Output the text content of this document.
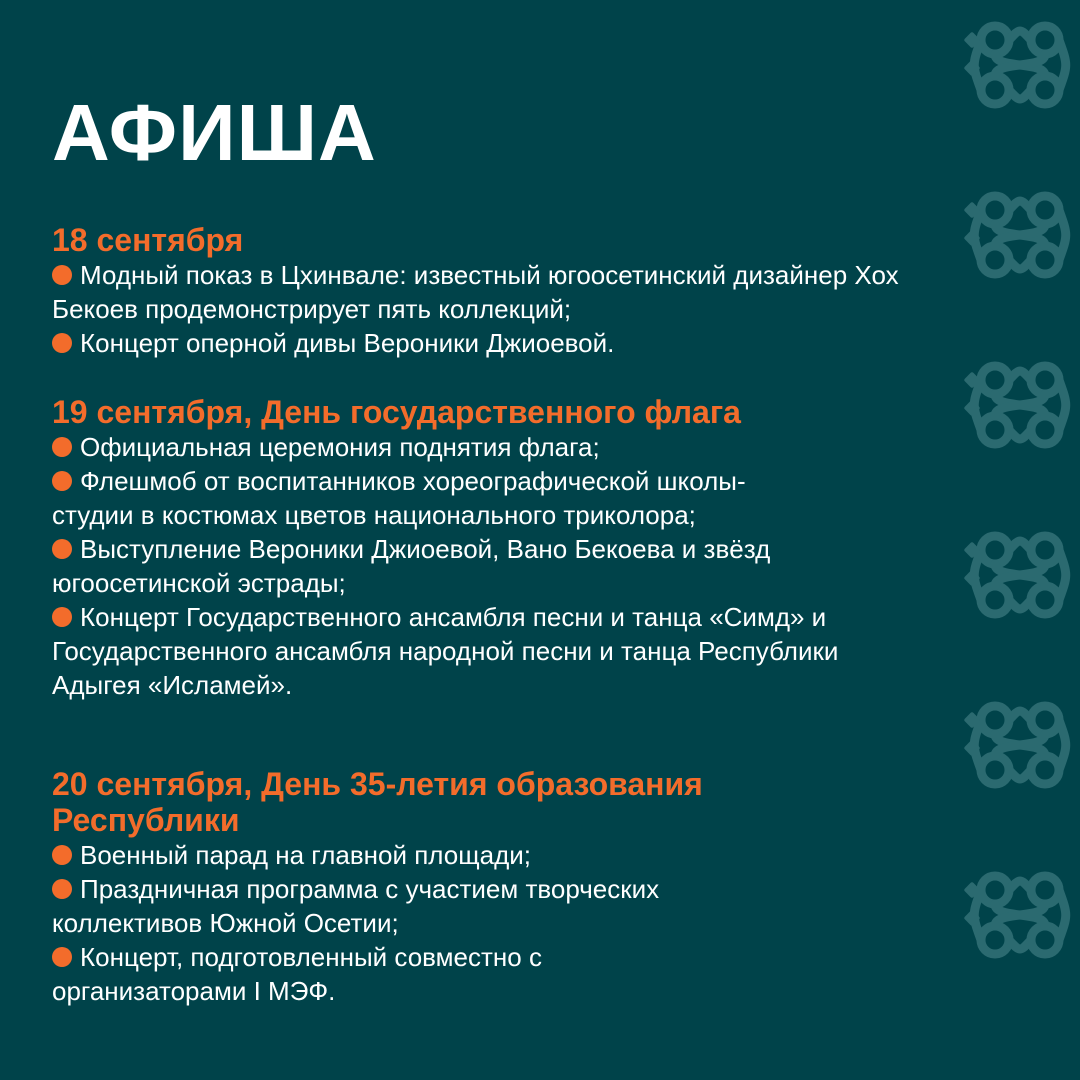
АФИША
18 сентября
Модный показ в Цхинвале: известный югоосетинский дизайнер Хох Бекоев продемонстрирует пять коллекций;
Концерт оперной дивы Вероники Джиоевой.
19 сентября, День государственного флага
Официальная церемония поднятия флага;
Флешмоб от воспитанников хореографической школы-студии в костюмах цветов национального триколора;
Выступление Вероники Джиоевой, Вано Бекоева и звёзд югоосетинской эстрады;
Концерт Государственного ансамбля песни и танца «Симд» и Государственного ансамбля народной песни и танца Республики Адыгея «Исламей».
20 сентября, День 35-летия образования Республики
Военный парад на главной площади;
Праздничная программа с участием творческих коллективов Южной Осетии;
Концерт, подготовленный совместно с организаторами I МЭФ.
